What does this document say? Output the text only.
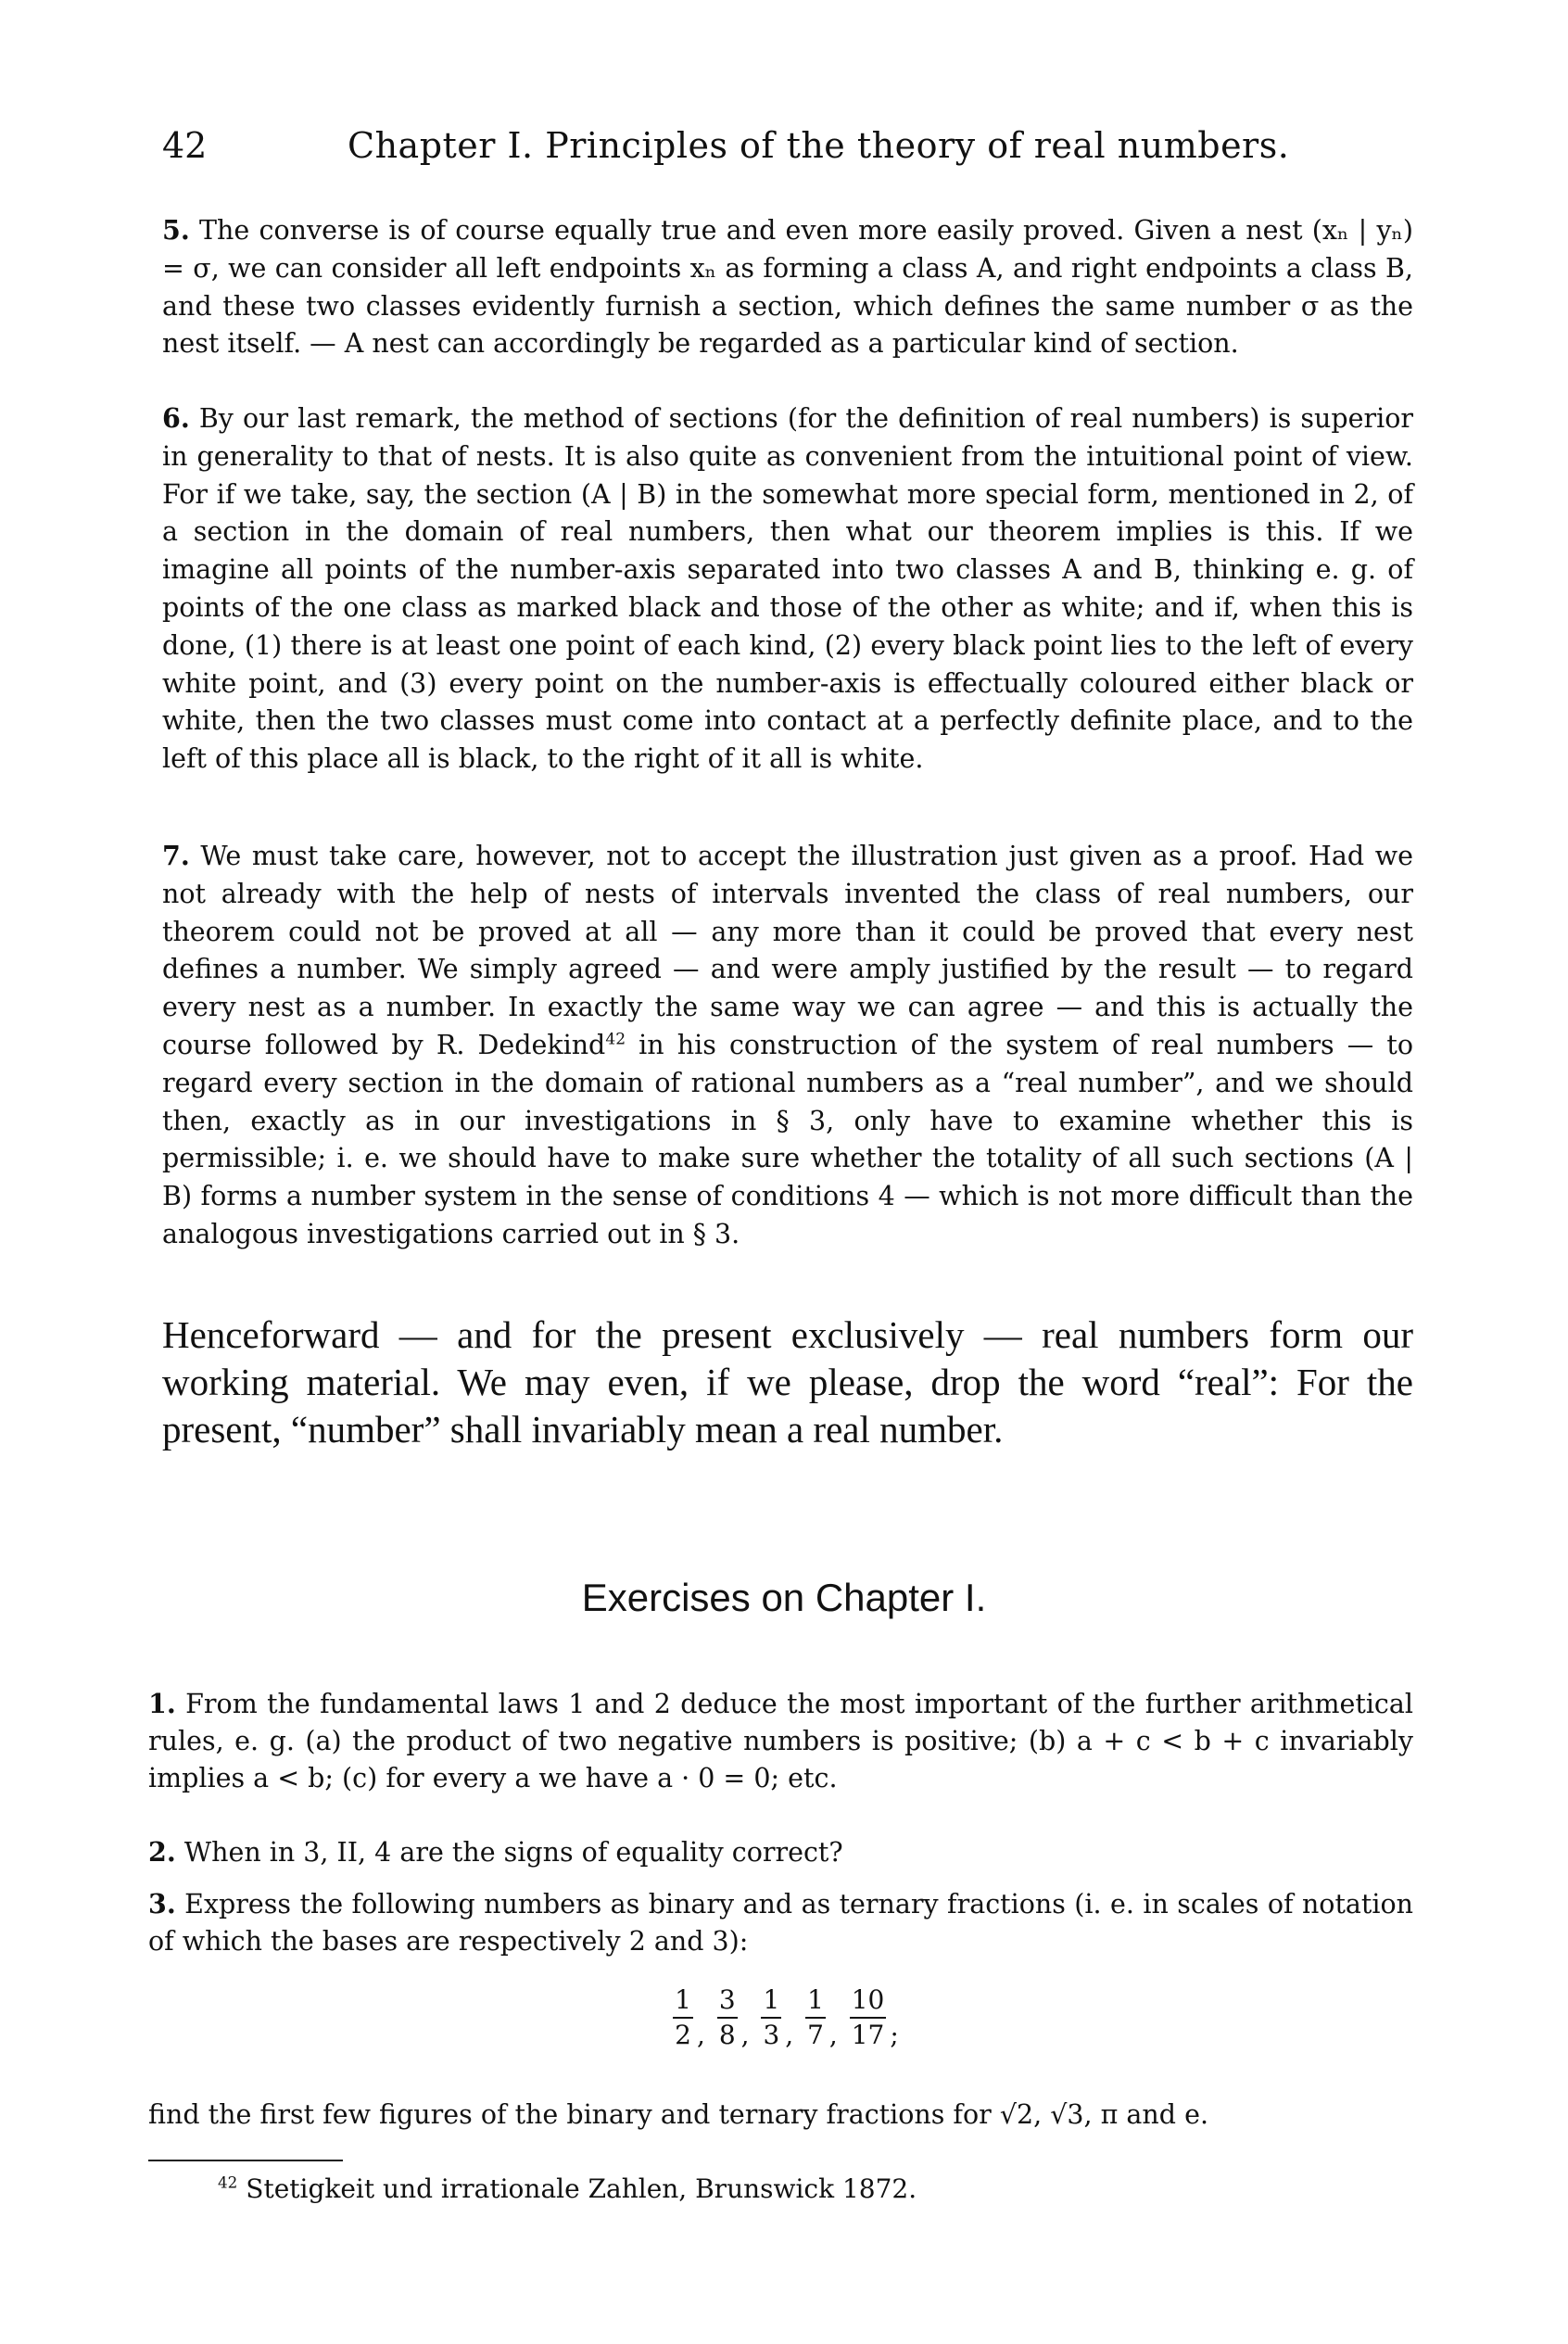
42	Chapter I. Principles of the theory of real numbers.

5. The converse is of course equally true and even more easily proved. Given a nest (xₙ | yₙ) = σ, we can consider all left endpoints xₙ as forming a class A, and right endpoints a class B, and these two classes evidently furnish a section, which defines the same number σ as the nest itself. — A nest can accordingly be regarded as a particular kind of section.

6. By our last remark, the method of sections (for the definition of real numbers) is superior in generality to that of nests. It is also quite as convenient from the intuitional point of view. For if we take, say, the section (A | B) in the somewhat more special form, mentioned in 2, of a section in the domain of real numbers, then what our theorem implies is this. If we imagine all points of the number-axis separated into two classes A and B, thinking e. g. of points of the one class as marked black and those of the other as white; and if, when this is done, (1) there is at least one point of each kind, (2) every black point lies to the left of every white point, and (3) every point on the number-axis is effectually coloured either black or white, then the two classes must come into contact at a perfectly definite place, and to the left of this place all is black, to the right of it all is white.

7. We must take care, however, not to accept the illustration just given as a proof. Had we not already with the help of nests of intervals invented the class of real numbers, our theorem could not be proved at all — any more than it could be proved that every nest defines a number. We simply agreed — and were amply justified by the result — to regard every nest as a number. In exactly the same way we can agree — and this is actually the course followed by R. Dedekind$^{42}$ in his construction of the system of real numbers — to regard every section in the domain of rational numbers as a “real number”, and we should then, exactly as in our investigations in § 3, only have to examine whether this is permissible; i. e. we should have to make sure whether the totality of all such sections (A | B) forms a number system in the sense of conditions 4 — which is not more difficult than the analogous investigations carried out in § 3.

Henceforward — and for the present exclusively — real numbers form our working material. We may even, if we please, drop the word “real”: For the present, “number” shall invariably mean a real number.

Exercises on Chapter I.

1. From the fundamental laws 1 and 2 deduce the most important of the further arithmetical rules, e. g. (a) the product of two negative numbers is positive; (b) a + c < b + c invariably implies a < b; (c) for every a we have a · 0 = 0; etc.

2. When in 3, II, 4 are the signs of equality correct?

3. Express the following numbers as binary and as ternary fractions (i. e. in scales of notation of which the bases are respectively 2 and 3):

$\frac{1}{2}$ , $\frac{3}{8}$ , $\frac{1}{3}$ , $\frac{1}{7}$ , $\frac{10}{17}$ ;

find the first few figures of the binary and ternary fractions for √2, √3, π and e.

$^{42}$ Stetigkeit und irrationale Zahlen, Brunswick 1872.
